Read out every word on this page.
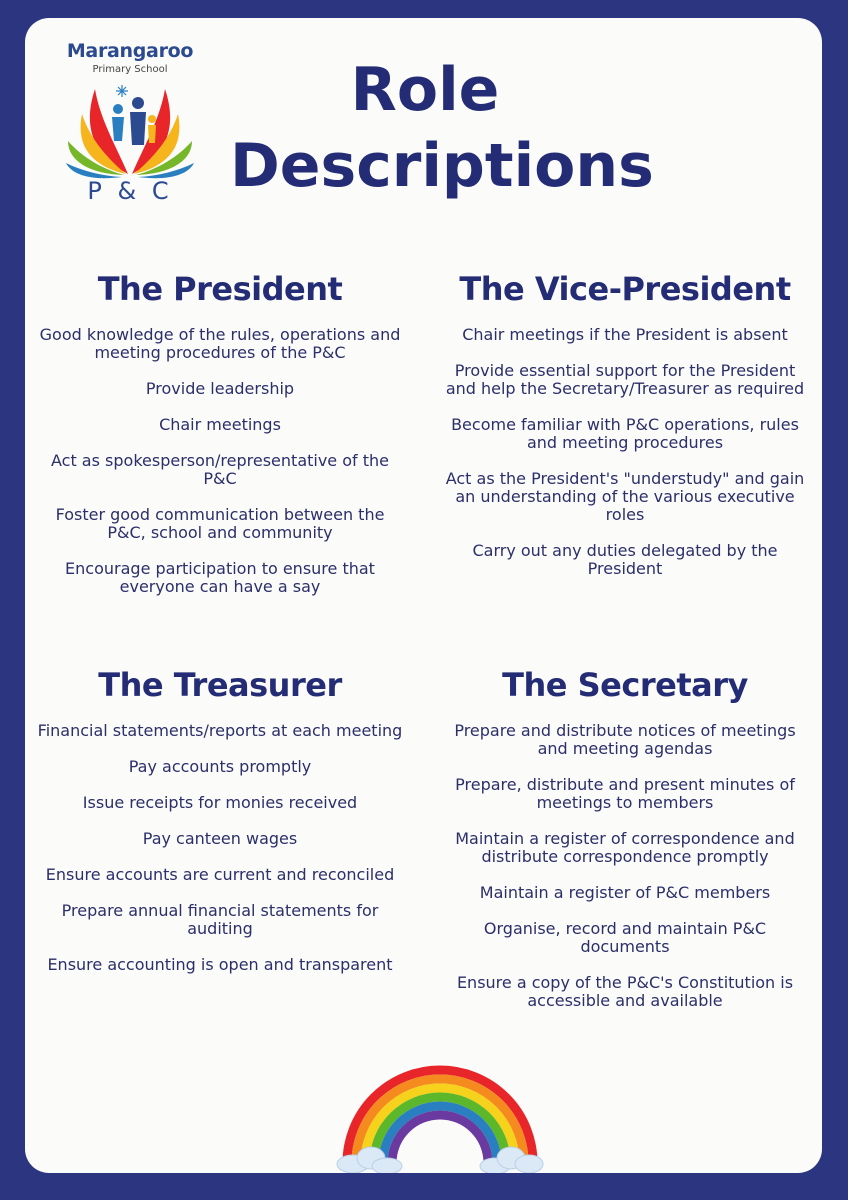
Marangaroo
Primary School
P & C
Role Descriptions
The President
Good knowledge of the rules, operations and meeting procedures of the P&C
Provide leadership
Chair meetings
Act as spokesperson/representative of the P&C
Foster good communication between the P&C, school and community
Encourage participation to ensure that everyone can have a say
The Vice-President
Chair meetings if the President is absent
Provide essential support for the President and help the Secretary/Treasurer as required
Become familiar with P&C operations, rules and meeting procedures
Act as the President's "understudy" and gain an understanding of the various executive roles
Carry out any duties delegated by the President
The Treasurer
Financial statements/reports at each meeting
Pay accounts promptly
Issue receipts for monies received
Pay canteen wages
Ensure accounts are current and reconciled
Prepare annual financial statements for auditing
Ensure accounting is open and transparent
The Secretary
Prepare and distribute notices of meetings and meeting agendas
Prepare, distribute and present minutes of meetings to members
Maintain a register of correspondence and distribute correspondence promptly
Maintain a register of P&C members
Organise, record and maintain P&C documents
Ensure a copy of the P&C's Constitution is accessible and available
